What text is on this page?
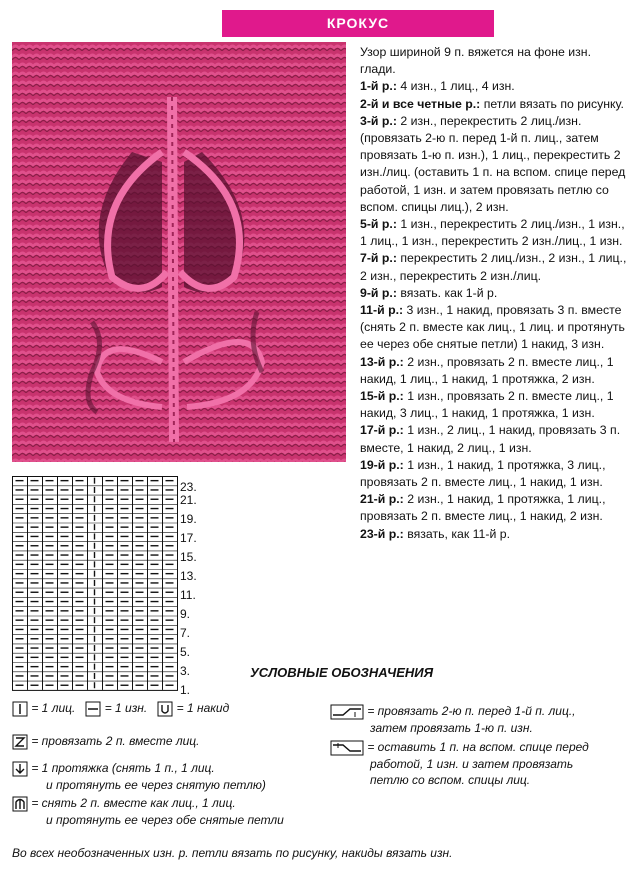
КРОКУС

Узор шириной 9 п. вяжется на фоне изн. глади.

1-й р.: 4 изн., 1 лиц., 4 изн.

2-й и все четные р.: петли вязать по рисунку.

3-й р.: 2 изн., перекрестить 2 лиц./изн. (провязать 2-ю п. перед 1-й п. лиц., затем провязать 1-ю п. изн.), 1 лиц., перекрестить 2 изн./лиц. (оставить 1 п. на вспом. спице перед работой, 1 изн. и затем провязать петлю со вспом. спицы лиц.), 2 изн.

5-й р.: 1 изн., перекрестить 2 лиц./изн., 1 изн., 1 лиц., 1 изн., перекрестить 2 изн./лиц., 1 изн.

7-й р.: перекрестить 2 лиц./изн., 2 изн., 1 лиц., 2 изн., перекрестить 2 изн./лиц.

9-й р.: вязать. как 1-й р.

11-й р.: 3 изн., 1 накид, провязать 3 п. вместе (снять 2 п. вместе как лиц., 1 лиц. и протянуть ее через обе снятые петли) 1 накид, 3 изн.

13-й р.: 2 изн., провязать 2 п. вместе лиц., 1 накид, 1 лиц., 1 накид, 1 протяжка, 2 изн.

15-й р.: 1 изн., провязать 2 п. вместе лиц., 1 накид, 3 лиц., 1 накид, 1 протяжка, 1 изн.

17-й р.: 1 изн., 2 лиц., 1 накид, провязать 3 п. вместе, 1 накид, 2 лиц., 1 изн.

19-й р.: 1 изн., 1 накид, 1 протяжка, 3 лиц., провязать 2 п. вместе лиц., 1 накид, 1 изн.

21-й р.: 2 изн., 1 накид, 1 протяжка, 1 лиц., провязать 2 п. вместе лиц., 1 накид, 2 изн.

23-й р.: вязать, как 11-й р.

23.
21.
19.
17.
15.
13.
11.
9.
7.
5.
3.
1.
УСЛОВНЫЕ ОБОЗНАЧЕНИЯ
= 1 лиц. = 1 изн. = 1 накид
= провязать 2 п. вместе лиц.
= 1 протяжка (снять 1 п., 1 лиц.
и протянуть ее через снятую петлю)
= снять 2 п. вместе как лиц., 1 лиц.
и протянуть ее через обе снятые петли
= провязать 2-ю п. перед 1-й п. лиц.,
затем провязать 1-ю п. изн.
= оставить 1 п. на вспом. спице перед
работой, 1 изн. и затем провязать
петлю со вспом. спицы лиц.
Во всех необозначенных изн. р. петли вязать по рисунку, накиды вязать изн.
